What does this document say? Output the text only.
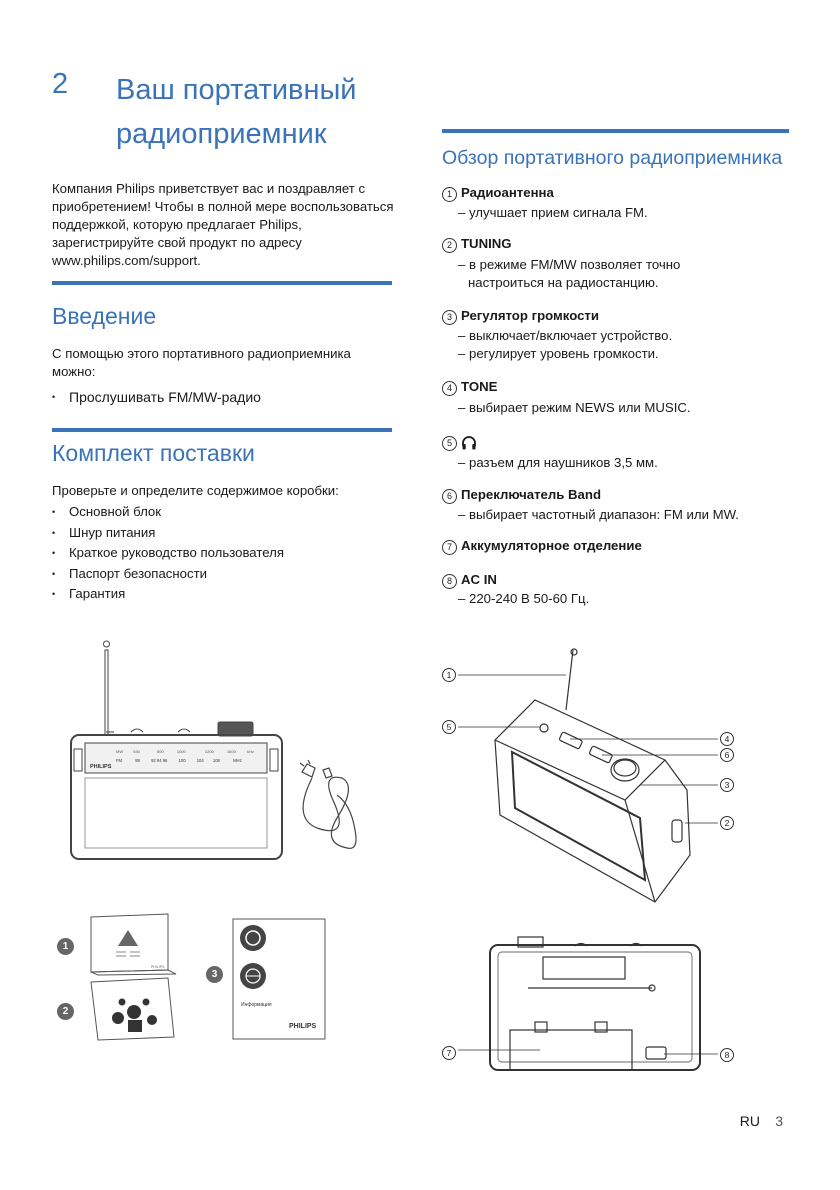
2 Ваш портативный радиоприемник
Компания Philips приветствует вас и поздравляет с приобретением! Чтобы в полной мере воспользоваться поддержкой, которую предлагает Philips, зарегистрируйте свой продукт по адресу www.philips.com/support.
Введение
С помощью этого портативного радиоприемника можно:
• Прослушивать FM/MW-радио
Комплект поставки
Проверьте и определите содержимое коробки:
• Основной блок
• Шнур питания
• Краткое руководство пользователя
• Паспорт безопасности
• Гарантия
Обзор портативного радиоприемника
1 Радиоантенна
– улучшает прием сигнала FM.
2 TUNING
– в режиме FM/MW позволяет точно
настроиться на радиостанцию.
3 Регулятор громкости
– выключает/включает устройство.
– регулирует уровень громкости.
4 TONE
– выбирает режим NEWS или MUSIC.
5
– разъем для наушников 3,5 мм.
6 Переключатель Band
– выбирает частотный диапазон: FM или MW.
7 Аккумуляторное отделение
8 AC IN
– 220-240 В 50-60 Гц.
PHILIPS
MW	530	800	1000	1200	1600	kHz
FM	88	92 94 96	100	104 108	MHz
1
5
4
6
3
2
7	8
1
2
3
PHILIPS
Информация
PHILIPS
RU 3
